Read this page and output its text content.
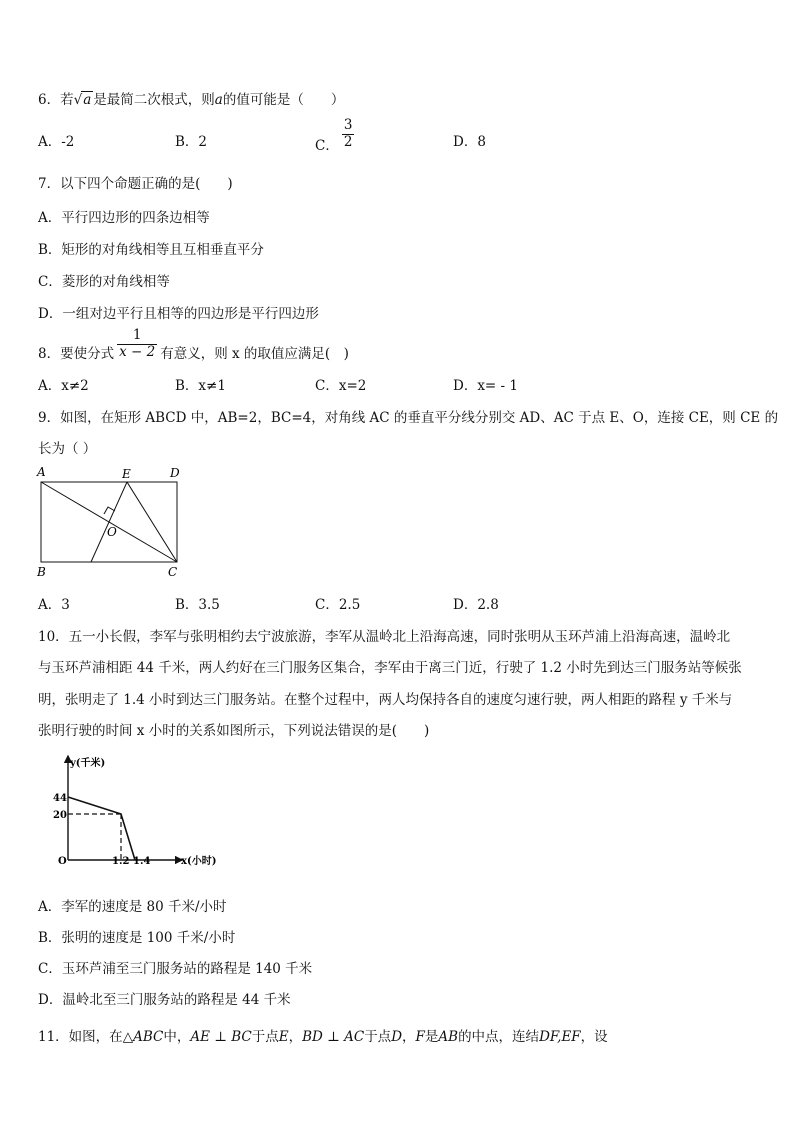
6．若√a 是最简二次根式，则a的值可能是（　　）
A．-2	B．2	C． $\frac{3}{2}$	D．8
7．以下四个命题正确的是(　　)
A．平行四边形的四条边相等
B．矩形的对角线相等且互相垂直平分
C．菱形的对角线相等
D．一组对边平行且相等的四边形是平行四边形
8．要使分式 $\frac{1}{x - 2}$ 有意义，则 x 的取值应满足(　)
A．x≠2	B．x≠1	C．x=2	D．x= - 1
9．如图，在矩形 ABCD 中，AB=2，BC=4，对角线 AC 的垂直平分线分别交 AD、AC 于点 E、O，连接 CE，则 CE 的
长为（ ）
A	E	D
O
B	C
A．3	B．3.5	C．2.5	D．2.8
10．五一小长假，李军与张明相约去宁波旅游，李军从温岭北上沿海高速，同时张明从玉环芦浦上沿海高速，温岭北
与玉环芦浦相距 44 千米，两人约好在三门服务区集合，李军由于离三门近，行驶了 1.2 小时先到达三门服务站等候张
明，张明走了 1.4 小时到达三门服务站。在整个过程中，两人均保持各自的速度匀速行驶，两人相距的路程 y 千米与
张明行驶的时间 x 小时的关系如图所示，下列说法错误的是(　　)
y(千米)
x(小时)
O
44
20
1.2 1.4
A．李军的速度是 80 千米/小时
B．张明的速度是 100 千米/小时
C．玉环芦浦至三门服务站的路程是 140 千米
D．温岭北至三门服务站的路程是 44 千米
11．如图，在△ABC中，AE ⊥ BC于点E，BD ⊥ AC于点D，F是AB的中点，连结DF,EF，设
